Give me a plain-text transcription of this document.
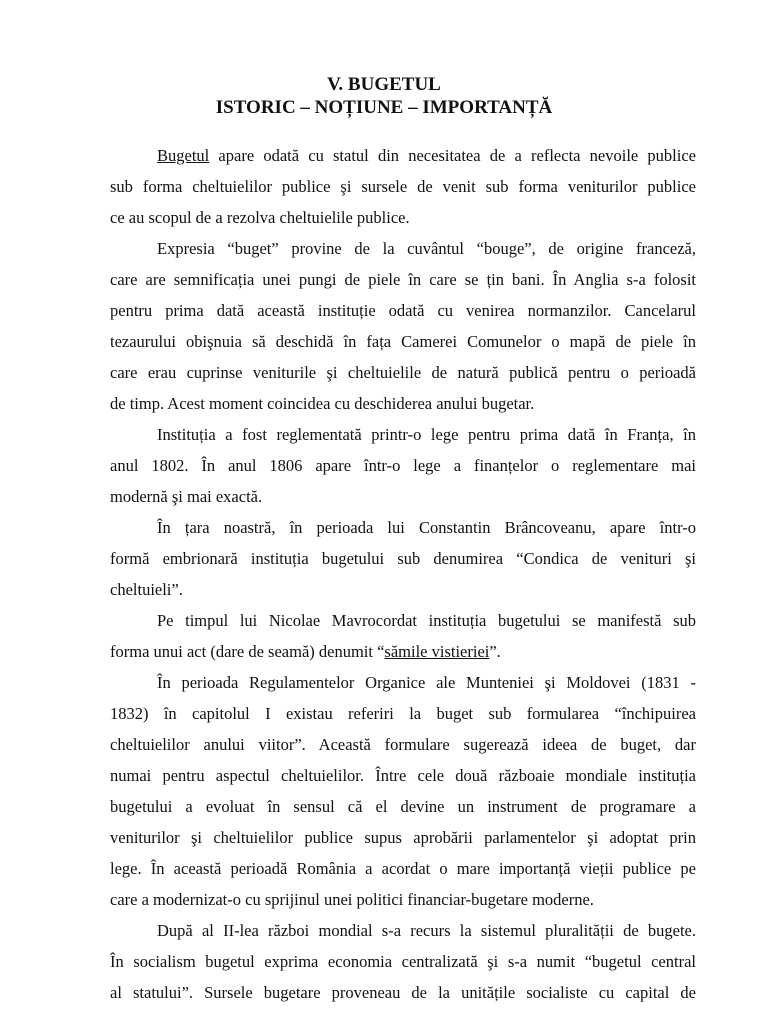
V. BUGETUL
ISTORIC – NOȚIUNE – IMPORTANȚĂ
Bugetul apare odată cu statul din necesitatea de a reflecta nevoile publice
sub forma cheltuielilor publice şi sursele de venit sub forma veniturilor publice
ce au scopul de a rezolva cheltuielile publice.
Expresia “buget” provine de la cuvântul “bouge”, de origine franceză,
care are semnificația unei pungi de piele în care se țin bani. În Anglia s-a folosit
pentru prima dată această instituție odată cu venirea normanzilor. Cancelarul
tezaurului obişnuia să deschidă în fața Camerei Comunelor o mapă de piele în
care erau cuprinse veniturile şi cheltuielile de natură publică pentru o perioadă
de timp. Acest moment coincidea cu deschiderea anului bugetar.
Instituția a fost reglementată printr-o lege pentru prima dată în Franța, în
anul 1802. În anul 1806 apare într-o lege a finanțelor o reglementare mai
modernă şi mai exactă.
În țara noastră, în perioada lui Constantin Brâncoveanu, apare într-o
formă embrionară instituția bugetului sub denumirea “Condica de venituri şi
cheltuieli”.
Pe timpul lui Nicolae Mavrocordat instituția bugetului se manifestă sub
forma unui act (dare de seamă) denumit “sămile vistieriei”.
În perioada Regulamentelor Organice ale Munteniei şi Moldovei (1831 -
1832) în capitolul I existau referiri la buget sub formularea “închipuirea
cheltuielilor anului viitor”. Această formulare sugerează ideea de buget, dar
numai pentru aspectul cheltuielilor. Între cele două războaie mondiale instituția
bugetului a evoluat în sensul că el devine un instrument de programare a
veniturilor şi cheltuielilor publice supus aprobării parlamentelor şi adoptat prin
lege. În această perioadă România a acordat o mare importanță vieții publice pe
care a modernizat-o cu sprijinul unei politici financiar-bugetare moderne.
După al II-lea război mondial s-a recurs la sistemul pluralității de bugete.
În socialism bugetul exprima economia centralizată şi s-a numit “bugetul central
al statului”. Sursele bugetare proveneau de la unitățile socialiste cu capital de
